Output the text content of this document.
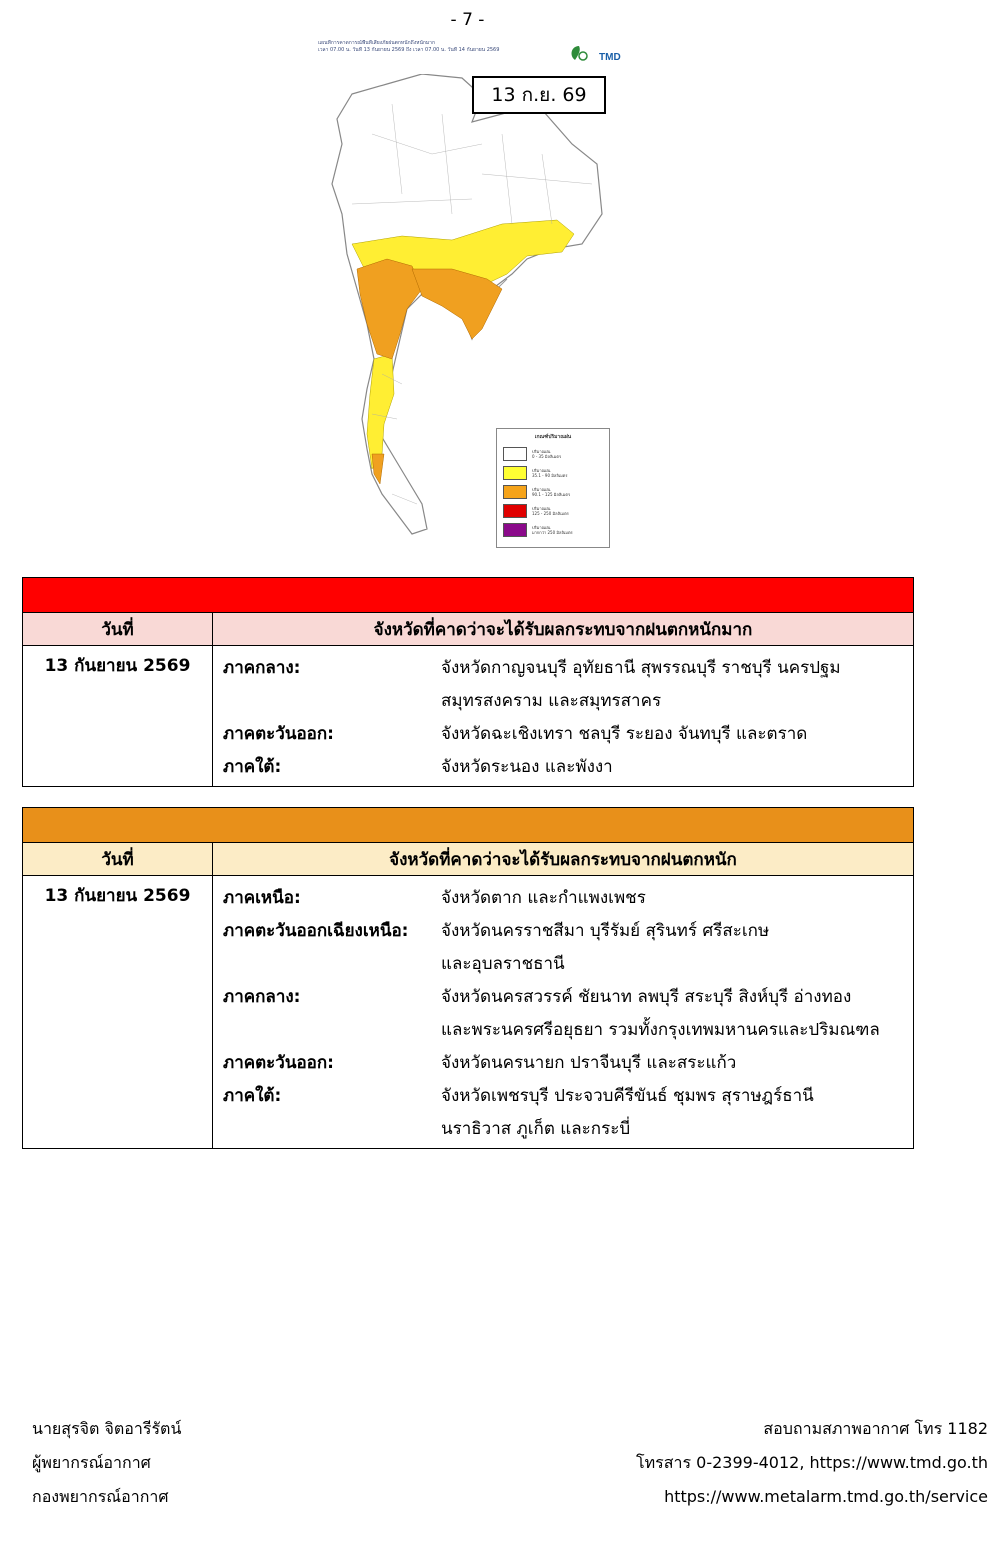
- 7 -
แผนที่การคาดการณ์พื้นที่เสี่ยงภัยฝนตกหนักถึงหนักมาก
เวลา 07.00 น. วันที่ 13 กันยายน 2569 ถึง เวลา 07.00 น. วันที่ 14 กันยายน 2569
TMD
13 ก.ย. 69
เกณฑ์ปริมาณฝน
ปริมาณฝน
0 - 35 มิลลิเมตร
ปริมาณฝน
35.1 - 90 มิลลิเมตร
ปริมาณฝน
90.1 - 125 มิลลิเมตร
ปริมาณฝน
125 - 250 มิลลิเมตร
ปริมาณฝน
มากกว่า 250 มิลลิเมตร
วันที่	จังหวัดที่คาดว่าจะได้รับผลกระทบจากฝนตกหนักมาก
13 กันยายน 2569	ภาคกลาง:	จังหวัดกาญจนบุรี อุทัยธานี สุพรรณบุรี ราชบุรี นครปฐม
สมุทรสงคราม และสมุทรสาคร
ภาคตะวันออก:	จังหวัดฉะเชิงเทรา ชลบุรี ระยอง จันทบุรี และตราด
ภาคใต้:	จังหวัดระนอง และพังงา
วันที่	จังหวัดที่คาดว่าจะได้รับผลกระทบจากฝนตกหนัก
13 กันยายน 2569	ภาคเหนือ:	จังหวัดตาก และกำแพงเพชร
ภาคตะวันออกเฉียงเหนือ:	จังหวัดนครราชสีมา บุรีรัมย์ สุรินทร์ ศรีสะเกษ
และอุบลราชธานี
ภาคกลาง:	จังหวัดนครสวรรค์ ชัยนาท ลพบุรี สระบุรี สิงห์บุรี อ่างทอง
และพระนครศรีอยุธยา รวมทั้งกรุงเทพมหานครและปริมณฑล
ภาคตะวันออก:	จังหวัดนครนายก ปราจีนบุรี และสระแก้ว
ภาคใต้:	จังหวัดเพชรบุรี ประจวบคีรีขันธ์ ชุมพร สุราษฎร์ธานี
นราธิวาส ภูเก็ต และกระบี่
นายสุรจิต จิตอารีรัตน์
ผู้พยากรณ์อากาศ
กองพยากรณ์อากาศ
สอบถามสภาพอากาศ โทร 1182
โทรสาร 0-2399-4012, https://www.tmd.go.th
https://www.metalarm.tmd.go.th/service
